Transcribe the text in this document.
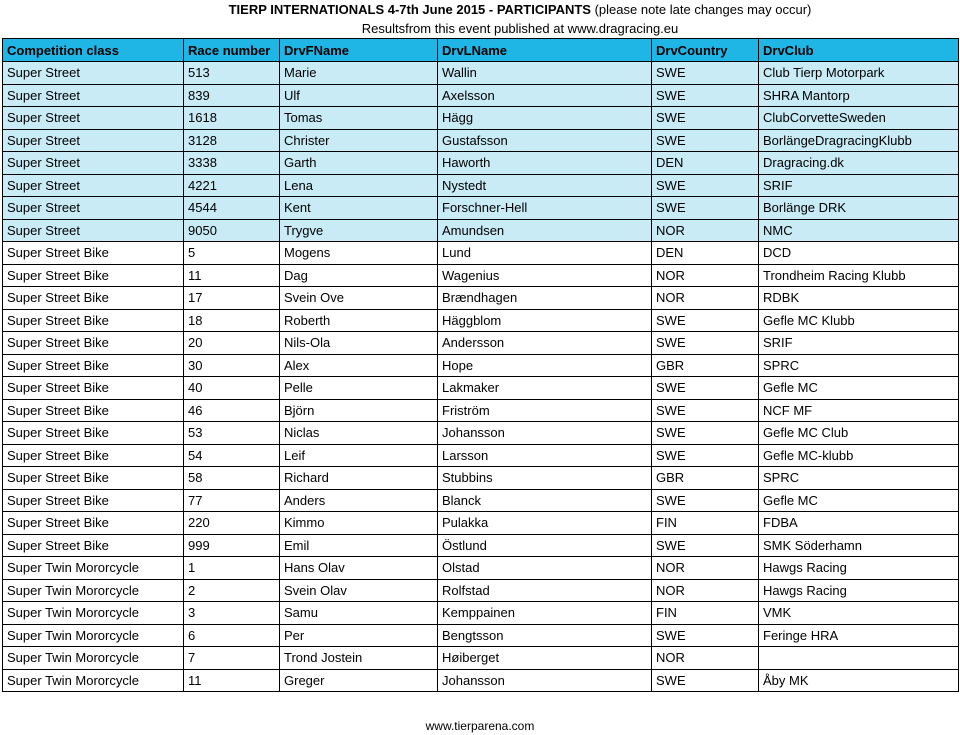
TIERP INTERNATIONALS 4-7th June 2015 - PARTICIPANTS (please note late changes may occur)
Resultsfrom this event published at www.dragracing.eu
Competition class	Race number	DrvFName	DrvLName	DrvCountry	DrvClub
Super Street	513	Marie	Wallin	SWE	Club Tierp Motorpark
Super Street	839	Ulf	Axelsson	SWE	SHRA Mantorp
Super Street	1618	Tomas	Hägg	SWE	ClubCorvetteSweden
Super Street	3128	Christer	Gustafsson	SWE	BorlängeDragracingKlubb
Super Street	3338	Garth	Haworth	DEN	Dragracing.dk
Super Street	4221	Lena	Nystedt	SWE	SRIF
Super Street	4544	Kent	Forschner-Hell	SWE	Borlänge DRK
Super Street	9050	Trygve	Amundsen	NOR	NMC
Super Street Bike	5	Mogens	Lund	DEN	DCD
Super Street Bike	11	Dag	Wagenius	NOR	Trondheim Racing Klubb
Super Street Bike	17	Svein Ove	Brændhagen	NOR	RDBK
Super Street Bike	18	Roberth	Häggblom	SWE	Gefle MC Klubb
Super Street Bike	20	Nils-Ola	Andersson	SWE	SRIF
Super Street Bike	30	Alex	Hope	GBR	SPRC
Super Street Bike	40	Pelle	Lakmaker	SWE	Gefle MC
Super Street Bike	46	Björn	Friström	SWE	NCF MF
Super Street Bike	53	Niclas	Johansson	SWE	Gefle MC Club
Super Street Bike	54	Leif	Larsson	SWE	Gefle MC-klubb
Super Street Bike	58	Richard	Stubbins	GBR	SPRC
Super Street Bike	77	Anders	Blanck	SWE	Gefle MC
Super Street Bike	220	Kimmo	Pulakka	FIN	FDBA
Super Street Bike	999	Emil	Östlund	SWE	SMK Söderhamn
Super Twin Mororcycle	1	Hans Olav	Olstad	NOR	Hawgs Racing
Super Twin Mororcycle	2	Svein Olav	Rolfstad	NOR	Hawgs Racing
Super Twin Mororcycle	3	Samu	Kemppainen	FIN	VMK
Super Twin Mororcycle	6	Per	Bengtsson	SWE	Feringe HRA
Super Twin Mororcycle	7	Trond Jostein	Høiberget	NOR	
Super Twin Mororcycle	11	Greger	Johansson	SWE	Åby MK
www.tierparena.com
